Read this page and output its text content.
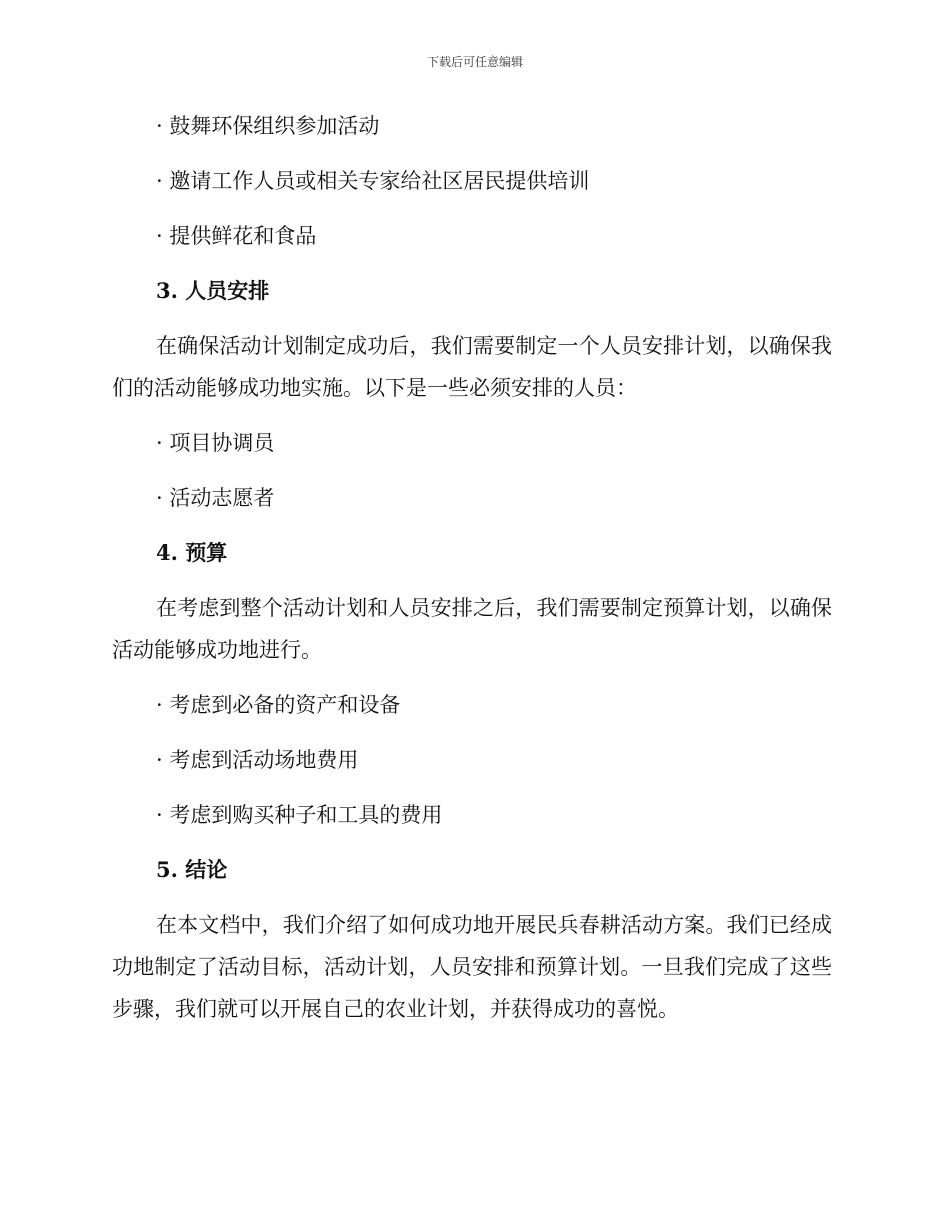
下载后可任意编辑
· 鼓舞环保组织参加活动
· 邀请工作人员或相关专家给社区居民提供培训
· 提供鲜花和食品
3. 人员安排
在确保活动计划制定成功后，我们需要制定一个人员安排计划，以确保我们的活动能够成功地实施。以下是一些必须安排的人员：
· 项目协调员
· 活动志愿者
4. 预算
在考虑到整个活动计划和人员安排之后，我们需要制定预算计划，以确保活动能够成功地进行。
· 考虑到必备的资产和设备
· 考虑到活动场地费用
· 考虑到购买种子和工具的费用
5. 结论
在本文档中，我们介绍了如何成功地开展民兵春耕活动方案。我们已经成功地制定了活动目标，活动计划，人员安排和预算计划。一旦我们完成了这些步骤，我们就可以开展自己的农业计划，并获得成功的喜悦。
